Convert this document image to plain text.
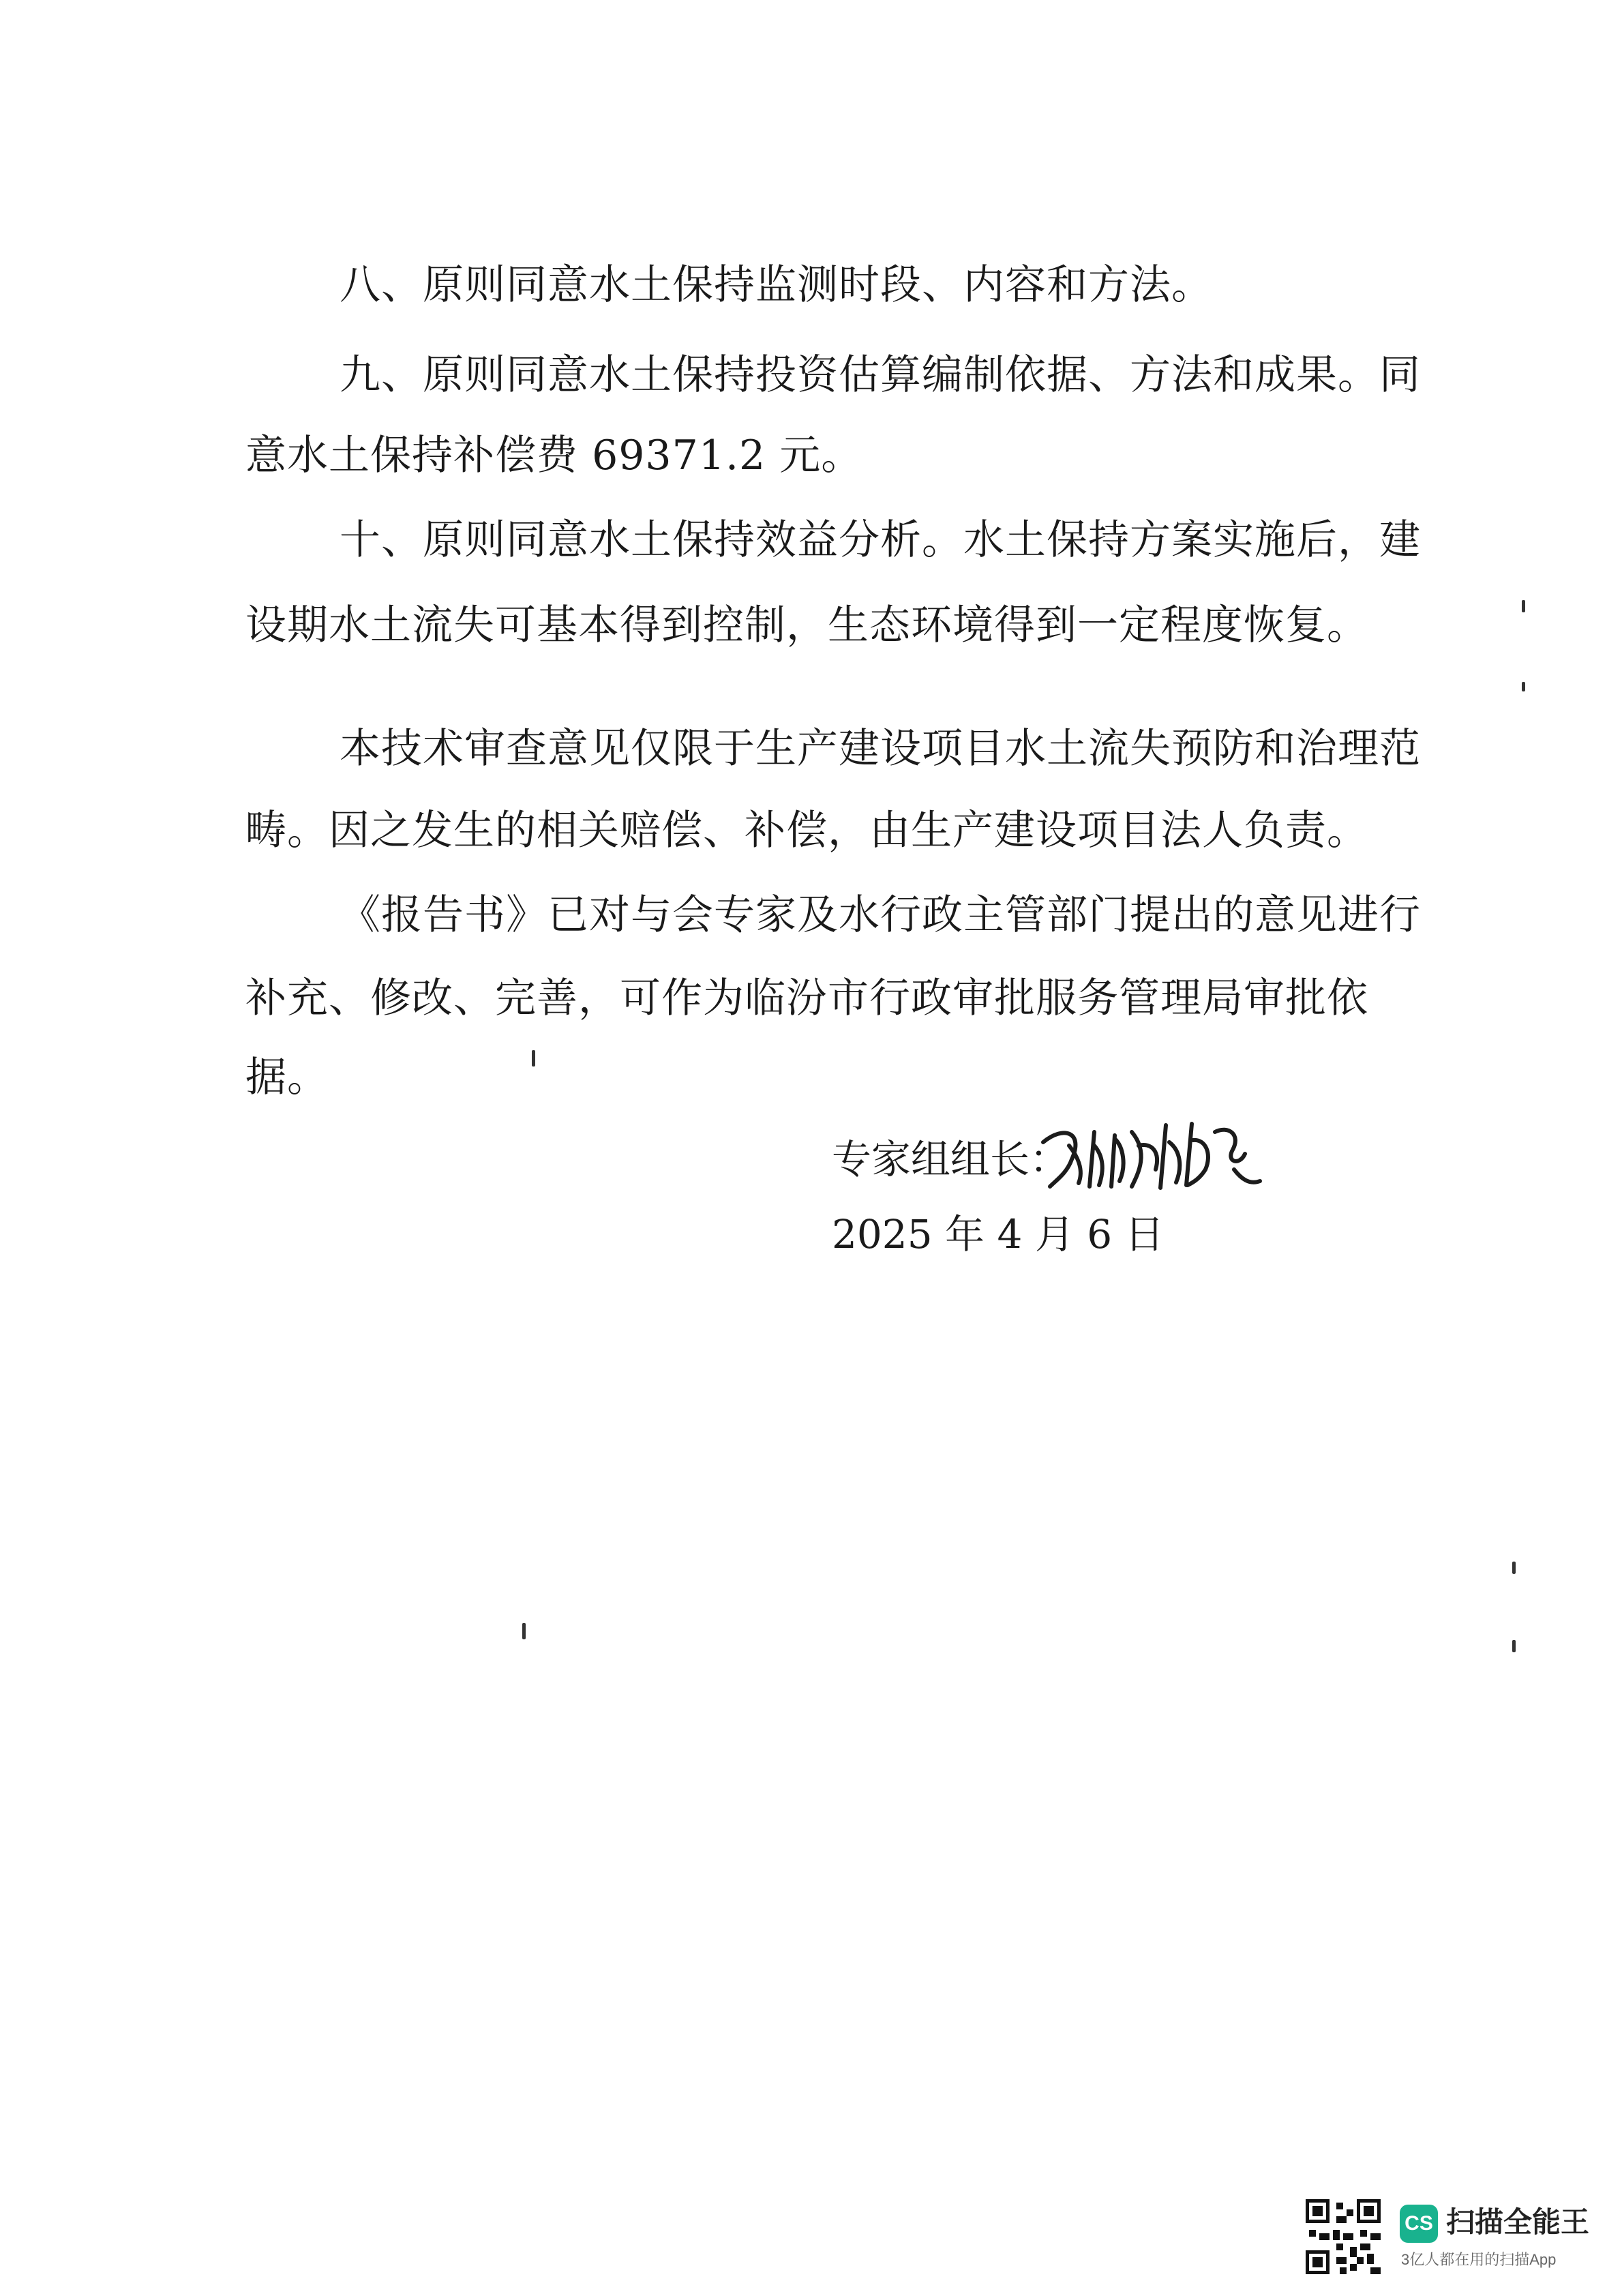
八、原则同意水土保持监测时段、内容和方法。
九、原则同意水土保持投资估算编制依据、方法和成果。同
意水土保持补偿费 69371.2 元。
十、原则同意水土保持效益分析。水土保持方案实施后，建
设期水土流失可基本得到控制，生态环境得到一定程度恢复。
本技术审查意见仅限于生产建设项目水土流失预防和治理范
畴。因之发生的相关赔偿、补偿，由生产建设项目法人负责。
《报告书》已对与会专家及水行政主管部门提出的意见进行
补充、修改、完善，可作为临汾市行政审批服务管理局审批依
据。
专家组组长：
2025 年 4 月 6 日
CS 扫描全能王
3亿人都在用的扫描App
